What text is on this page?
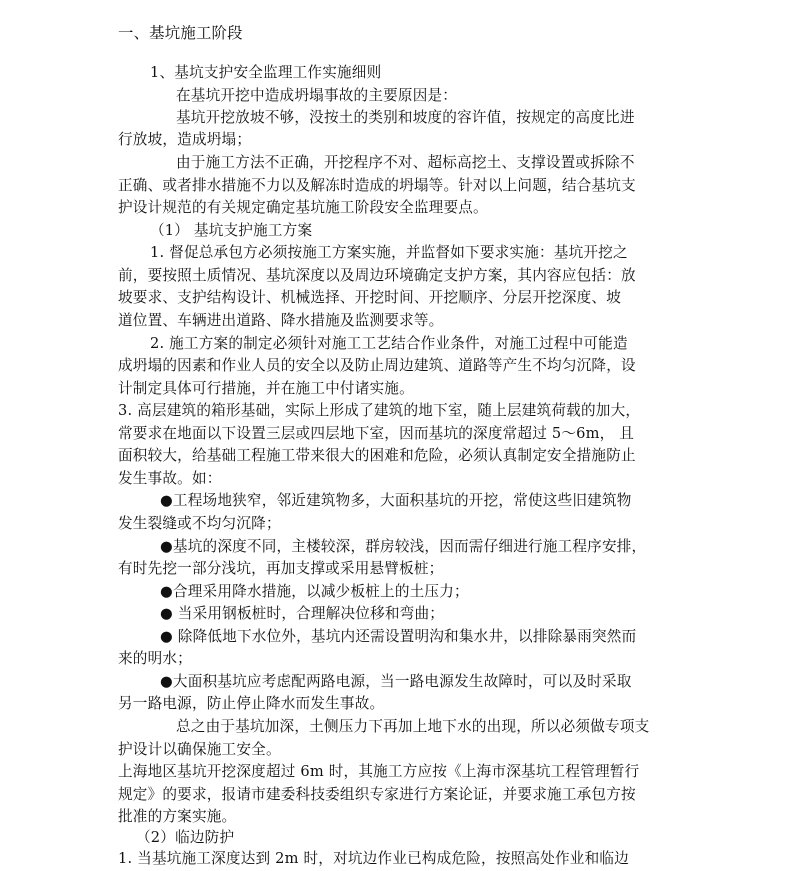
一、基坑施工阶段
1、基坑支护安全监理工作实施细则
在基坑开挖中造成坍塌事故的主要原因是：
基坑开挖放坡不够，没按土的类别和坡度的容许值，按规定的高度比进
行放坡，造成坍塌；
由于施工方法不正确，开挖程序不对、超标高挖土、支撑设置或拆除不
正确、或者排水措施不力以及解冻时造成的坍塌等。针对以上问题，结合基坑支
护设计规范的有关规定确定基坑施工阶段安全监理要点。
（1） 基坑支护施工方案
1. 督促总承包方必须按施工方案实施，并监督如下要求实施：基坑开挖之
前，要按照土质情况、基坑深度以及周边环境确定支护方案，其内容应包括：放
坡要求、支护结构设计、机械选择、开挖时间、开挖顺序、分层开挖深度、坡
道位置、车辆进出道路、降水措施及监测要求等。
2. 施工方案的制定必须针对施工工艺结合作业条件，对施工过程中可能造
成坍塌的因素和作业人员的安全以及防止周边建筑、道路等产生不均匀沉降，设
计制定具体可行措施，并在施工中付诸实施。
3. 高层建筑的箱形基础，实际上形成了建筑的地下室，随上层建筑荷载的加大，
常要求在地面以下设置三层或四层地下室，因而基坑的深度常超过 5～6m， 且
面积较大，给基础工程施工带来很大的困难和危险，必须认真制定安全措施防止
发生事故。如：
●工程场地狭窄，邻近建筑物多，大面积基坑的开挖，常使这些旧建筑物
发生裂缝或不均匀沉降；
●基坑的深度不同，主楼较深，群房较浅，因而需仔细进行施工程序安排，
有时先挖一部分浅坑，再加支撑或采用悬臂板桩；
●合理采用降水措施，以减少板桩上的土压力；
● 当采用钢板桩时，合理解决位移和弯曲；
● 除降低地下水位外，基坑内还需设置明沟和集水井，以排除暴雨突然而
来的明水；
●大面积基坑应考虑配两路电源，当一路电源发生故障时，可以及时采取
另一路电源，防止停止降水而发生事故。
总之由于基坑加深，土侧压力下再加上地下水的出现，所以必须做专项支
护设计以确保施工安全。
上海地区基坑开挖深度超过 6m 时，其施工方应按《上海市深基坑工程管理暂行
规定》的要求，报请市建委科技委组织专家进行方案论证，并要求施工承包方按
批准的方案实施。
（2）临边防护
1. 当基坑施工深度达到 2m 时，对坑边作业已构成危险，按照高处作业和临边
